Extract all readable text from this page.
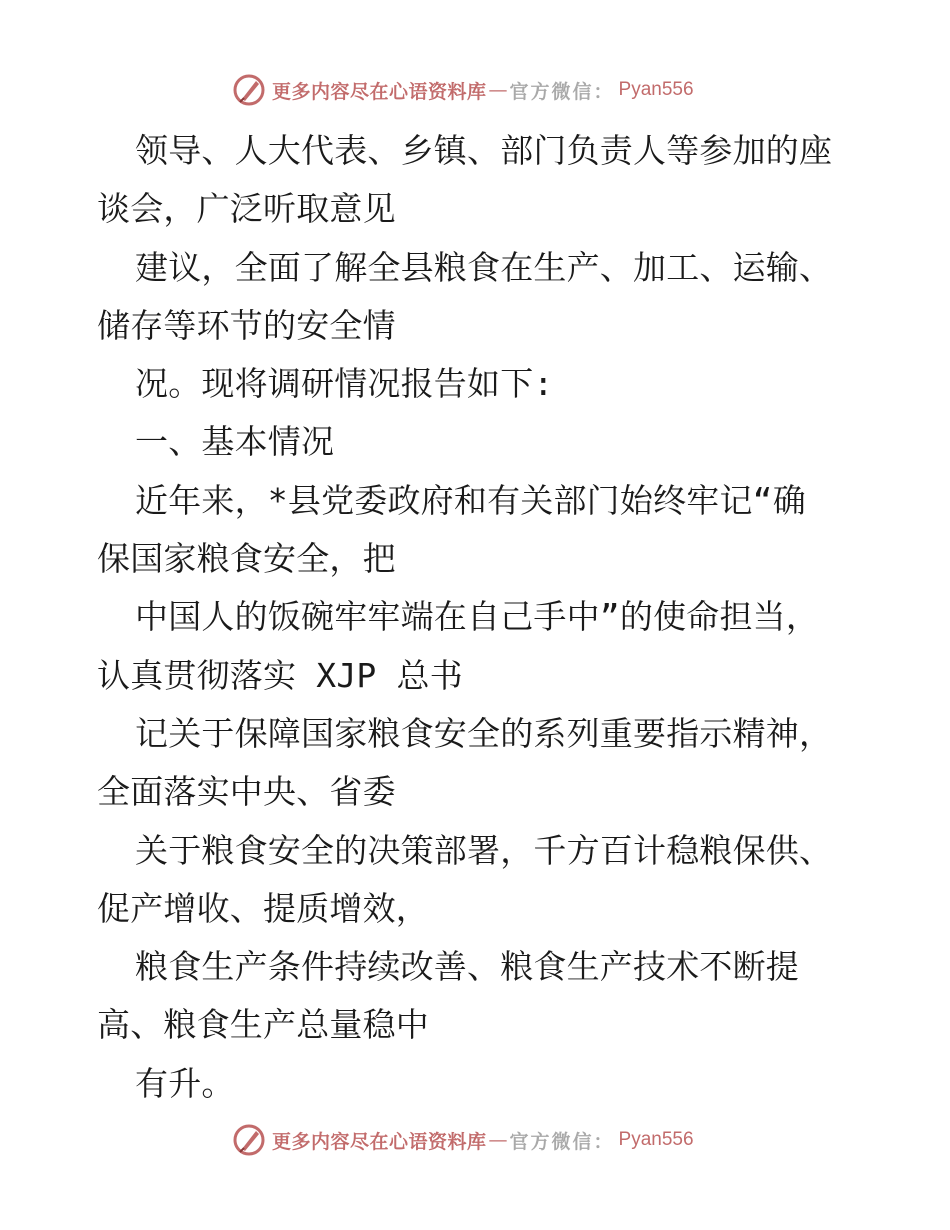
更多内容尽在心语资料库 — 官方微信： Pyan556
领导、人大代表、乡镇、部门负责人等参加的座
谈会，广泛听取意见
建议，全面了解全县粮食在生产、加工、运输、
储存等环节的安全情
况。现将调研情况报告如下:
一、基本情况
近年来，*县党委政府和有关部门始终牢记“确
保国家粮食安全，把
中国人的饭碗牢牢端在自己手中”的使命担当，
认真贯彻落实 XJP 总书
记关于保障国家粮食安全的系列重要指示精神，
全面落实中央、省委
关于粮食安全的决策部署，千方百计稳粮保供、
促产增收、提质增效，
粮食生产条件持续改善、粮食生产技术不断提
高、粮食生产总量稳中
有升。
更多内容尽在心语资料库 — 官方微信： Pyan556
